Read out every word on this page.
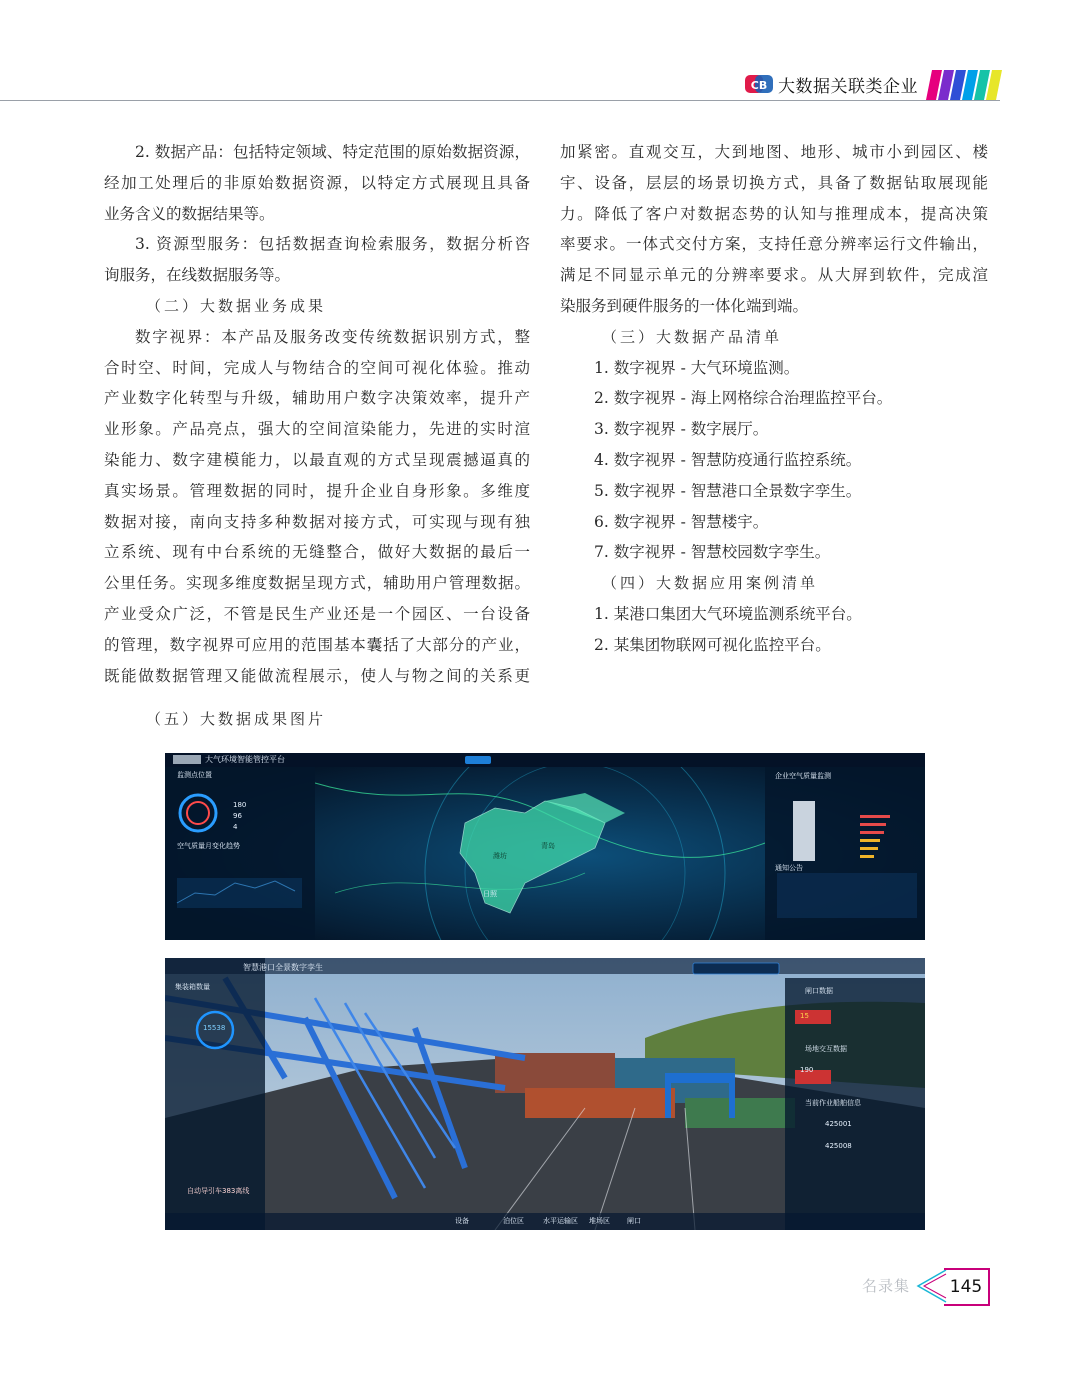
CB 大数据关联类企业

2. 数据产品：包括特定领域、特定范围的原始数据资源，

经加工处理后的非原始数据资源，以特定方式展现且具备

业务含义的数据结果等。

3. 资源型服务：包括数据查询检索服务，数据分析咨

询服务，在线数据服务等。

（二）大数据业务成果

数字视界：本产品及服务改变传统数据识别方式，整

合时空、时间，完成人与物结合的空间可视化体验。推动

产业数字化转型与升级，辅助用户数字决策效率，提升产

业形象。产品亮点，强大的空间渲染能力，先进的实时渲

染能力、数字建模能力，以最直观的方式呈现震撼逼真的

真实场景。管理数据的同时，提升企业自身形象。多维度

数据对接，南向支持多种数据对接方式，可实现与现有独

立系统、现有中台系统的无缝整合，做好大数据的最后一

公里任务。实现多维度数据呈现方式，辅助用户管理数据。

产业受众广泛，不管是民生产业还是一个园区、一台设备

的管理，数字视界可应用的范围基本囊括了大部分的产业，

既能做数据管理又能做流程展示，使人与物之间的关系更

加紧密。直观交互，大到地图、地形、城市小到园区、楼

宇、设备，层层的场景切换方式，具备了数据钻取展现能

力。降低了客户对数据态势的认知与推理成本，提高决策

率要求。一体式交付方案，支持任意分辨率运行文件输出，

满足不同显示单元的分辨率要求。从大屏到软件，完成渲

染服务到硬件服务的一体化端到端。

（三）大数据产品清单

1. 数字视界 - 大气环境监测。

2. 数字视界 - 海上网格综合治理监控平台。

3. 数字视界 - 数字展厅。

4. 数字视界 - 智慧防疫通行监控系统。

5. 数字视界 - 智慧港口全景数字孪生。

6. 数字视界 - 智慧楼宇。

7. 数字视界 - 智慧校园数字孪生。

（四）大数据应用案例清单

1. 某港口集团大气环境监测系统平台。

2. 某集团物联网可视化监控平台。

（五）大数据成果图片
大气环境智能管控平台
监测点位置
180
96
4
空气质量月变化趋势
企业空气质量监测
通知公告
潍坊
青岛
日照
智慧港口全景数字孪生
集装箱数量
15538
闸口数据
场地交互数据
当前作业船舶信息
15
190
425001
425008
自动导引车383离线
设备	泊位区	水平运输区 堆场区 闸口
名录集	145
